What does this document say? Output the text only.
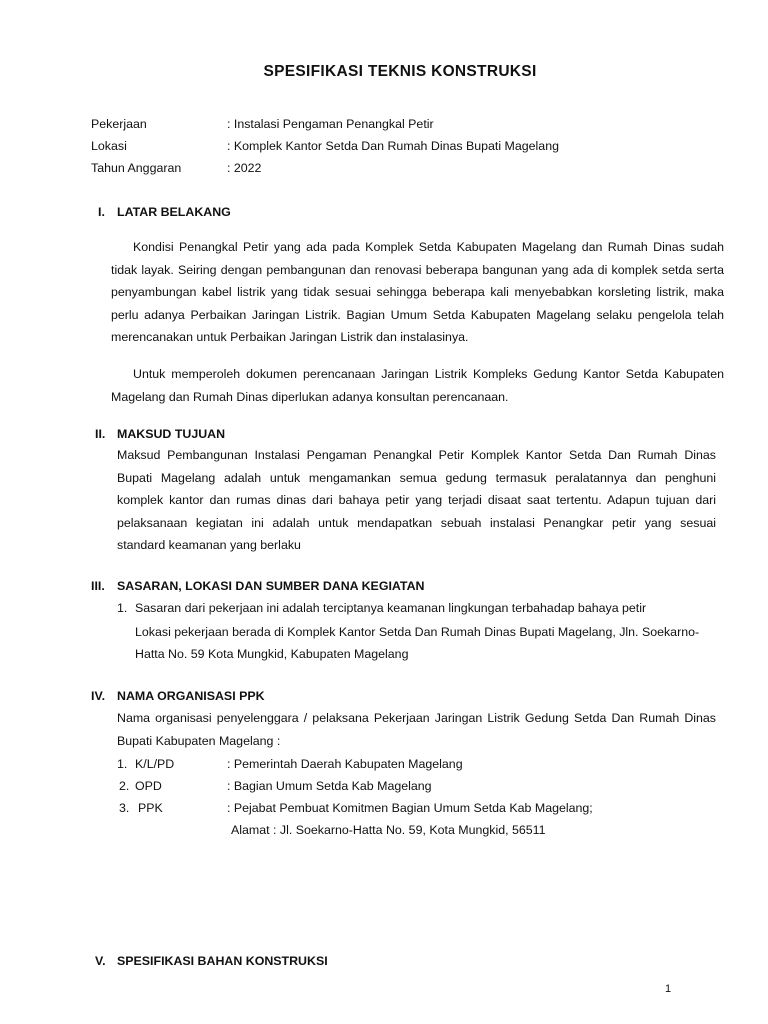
SPESIFIKASI TEKNIS KONSTRUKSI
Pekerjaan	: Instalasi Pengaman Penangkal Petir
Lokasi	: Komplek Kantor Setda Dan Rumah Dinas Bupati Magelang
Tahun Anggaran	: 2022
I. LATAR BELAKANG
Kondisi Penangkal Petir yang ada pada Komplek Setda Kabupaten Magelang dan Rumah Dinas sudah
tidak layak. Seiring dengan pembangunan dan renovasi beberapa bangunan yang ada di komplek setda serta
penyambungan kabel listrik yang tidak sesuai sehingga beberapa kali menyebabkan korsleting listrik, maka
perlu adanya Perbaikan Jaringan Listrik. Bagian Umum Setda Kabupaten Magelang selaku pengelola telah
merencanakan untuk Perbaikan Jaringan Listrik dan instalasinya.
Untuk memperoleh dokumen perencanaan Jaringan Listrik Kompleks Gedung Kantor Setda Kabupaten
Magelang dan Rumah Dinas diperlukan adanya konsultan perencanaan.
II. MAKSUD TUJUAN
Maksud Pembangunan Instalasi Pengaman Penangkal Petir Komplek Kantor Setda Dan Rumah Dinas
Bupati Magelang adalah untuk mengamankan semua gedung termasuk peralatannya dan penghuni
komplek kantor dan rumas dinas dari bahaya petir yang terjadi disaat saat tertentu. Adapun tujuan dari
pelaksanaan kegiatan ini adalah untuk mendapatkan sebuah instalasi Penangkar petir yang sesuai
standard keamanan yang berlaku
III. SASARAN, LOKASI DAN SUMBER DANA KEGIATAN
1. Sasaran dari pekerjaan ini adalah terciptanya keamanan lingkungan terbahadap bahaya petir
Lokasi pekerjaan berada di Komplek Kantor Setda Dan Rumah Dinas Bupati Magelang, Jln. Soekarno-
Hatta No. 59 Kota Mungkid, Kabupaten Magelang
IV. NAMA ORGANISASI PPK
Nama organisasi penyelenggara / pelaksana Pekerjaan Jaringan Listrik Gedung Setda Dan Rumah Dinas
Bupati Kabupaten Magelang :
1. K/L/PD	: Pemerintah Daerah Kabupaten Magelang
2. OPD	: Bagian Umum Setda Kab Magelang
3. PPK	: Pejabat Pembuat Komitmen Bagian Umum Setda Kab Magelang;
Alamat : Jl. Soekarno-Hatta No. 59, Kota Mungkid, 56511
V. SPESIFIKASI BAHAN KONSTRUKSI
1
